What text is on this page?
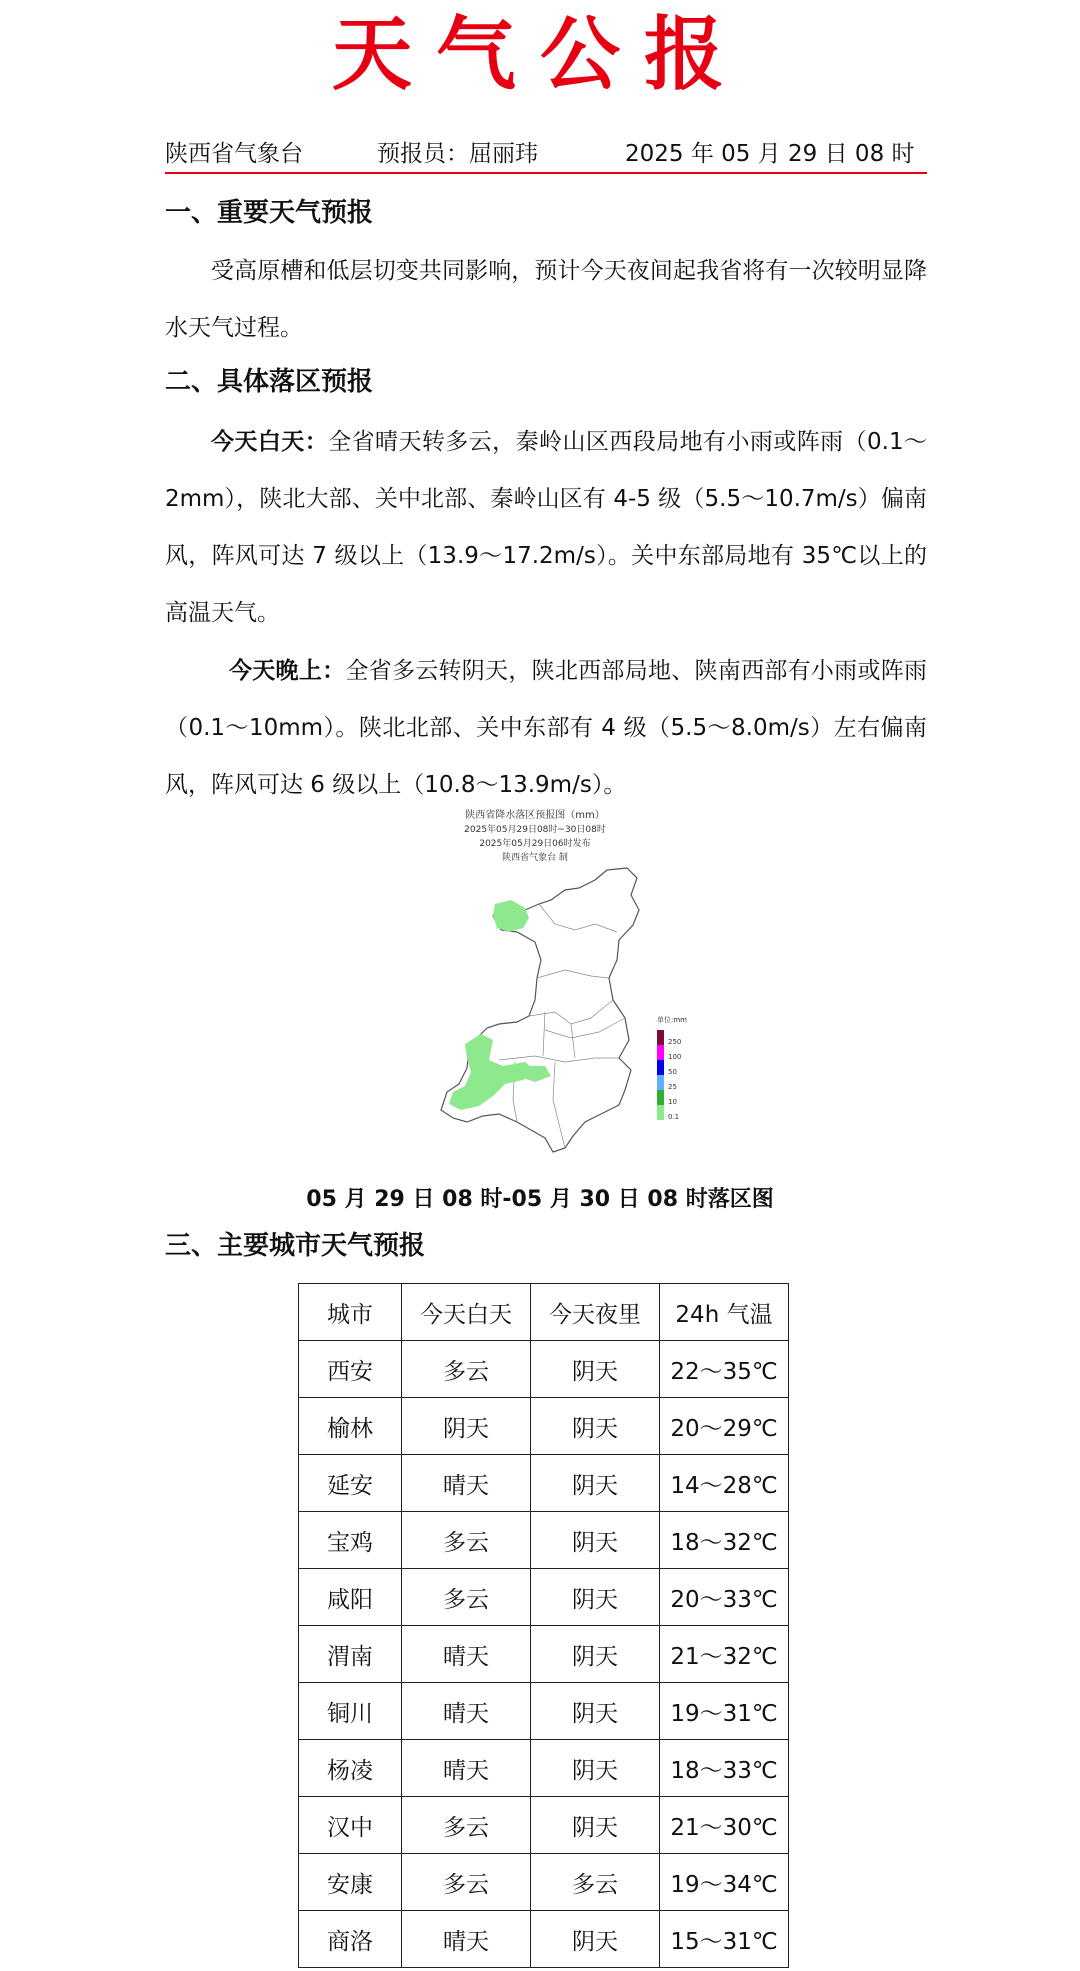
天气公报
陕西省气象台	预报员：屈丽玮	2025 年 05 月 29 日 08 时
一、重要天气预报
受高原槽和低层切变共同影响，预计今天夜间起我省将有一次较明显降水天气过程。
二、具体落区预报
今天白天：全省晴天转多云，秦岭山区西段局地有小雨或阵雨（0.1～2mm），陕北大部、关中北部、秦岭山区有 4-5 级（5.5～10.7m/s）偏南风，阵风可达 7 级以上（13.9～17.2m/s）。关中东部局地有 35℃以上的高温天气。
今天晚上：全省多云转阴天，陕北西部局地、陕南西部有小雨或阵雨（0.1～10mm）。陕北北部、关中东部有 4 级（5.5～8.0m/s）左右偏南风，阵风可达 6 级以上（10.8～13.9m/s）。
陕西省降水落区预报图（mm）
2025年05月29日08时~30日08时
2025年05月29日06时发布
陕西省气象台 制
单位:mm
250
100
50
25
10
0.1
05 月 29 日 08 时-05 月 30 日 08 时落区图
三、主要城市天气预报
城市	今天白天	今天夜里	24h 气温
西安	多云	阴天	22～35℃
榆林	阴天	阴天	20～29℃
延安	晴天	阴天	14～28℃
宝鸡	多云	阴天	18～32℃
咸阳	多云	阴天	20～33℃
渭南	晴天	阴天	21～32℃
铜川	晴天	阴天	19～31℃
杨凌	晴天	阴天	18～33℃
汉中	多云	阴天	21～30℃
安康	多云	多云	19～34℃
商洛	晴天	阴天	15～31℃
